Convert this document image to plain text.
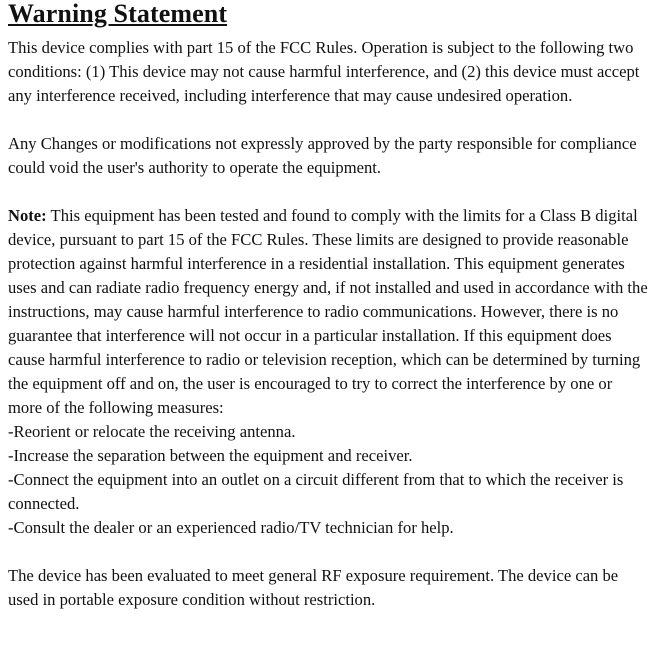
Warning Statement

This device complies with part 15 of the FCC Rules. Operation is subject to the following two conditions: (1) This device may not cause harmful interference, and (2) this device must accept any interference received, including interference that may cause undesired operation.

Any Changes or modifications not expressly approved by the party responsible for compliance could void the user's authority to operate the equipment.

Note: This equipment has been tested and found to comply with the limits for a Class B digital device, pursuant to part 15 of the FCC Rules. These limits are designed to provide reasonable protection against harmful interference in a residential installation. This equipment generates uses and can radiate radio frequency energy and, if not installed and used in accordance with the instructions, may cause harmful interference to radio communications. However, there is no guarantee that interference will not occur in a particular installation. If this equipment does cause harmful interference to radio or television reception, which can be determined by turning the equipment off and on, the user is encouraged to try to correct the interference by one or more of the following measures:

-Reorient or relocate the receiving antenna.

-Increase the separation between the equipment and receiver.

-Connect the equipment into an outlet on a circuit different from that to which the receiver is connected.

-Consult the dealer or an experienced radio/TV technician for help.

The device has been evaluated to meet general RF exposure requirement. The device can be used in portable exposure condition without restriction.
